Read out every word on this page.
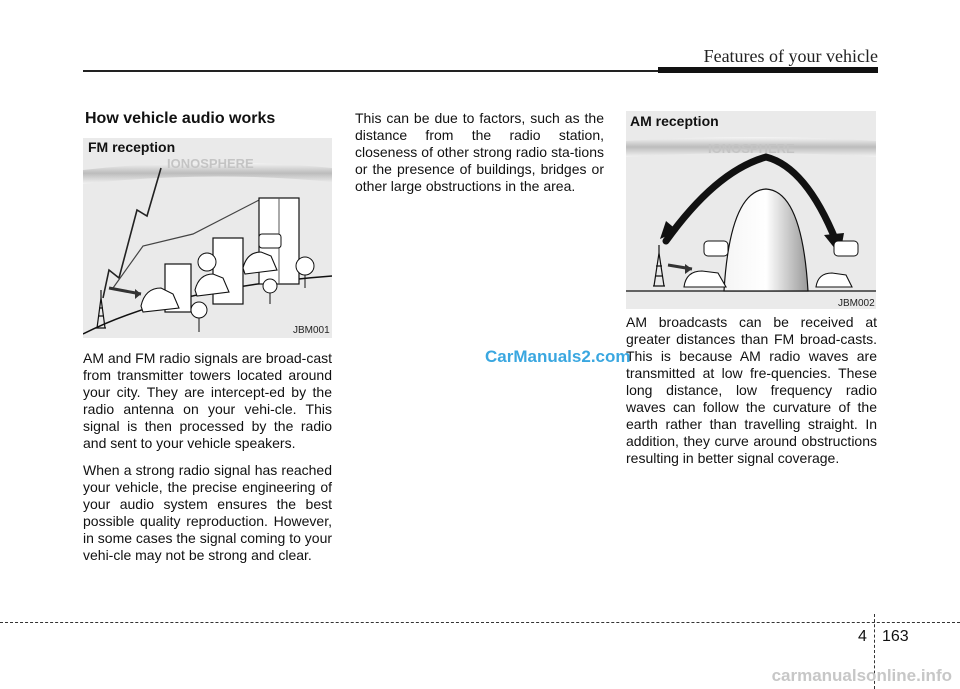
Features of your vehicle
How vehicle audio works
IONOSPHERE
FM reception
JBM001

AM and FM radio signals are broad-cast from transmitter towers located around your city. They are intercept-ed by the radio antenna on your vehi-cle. This signal is then processed by the radio and sent to your vehicle speakers.

When a strong radio signal has reached your vehicle, the precise engineering of your audio system ensures the best possible quality reproduction. However, in some cases the signal coming to your vehi-cle may not be strong and clear.

This can be due to factors, such as the distance from the radio station, closeness of other strong radio sta-tions or the presence of buildings, bridges or other large obstructions in the area.

IONOSPHERE
AM reception
JBM002

AM broadcasts can be received at greater distances than FM broad-casts. This is because AM radio waves are transmitted at low fre-quencies. These long distance, low frequency radio waves can follow the curvature of the earth rather than travelling straight. In addition, they curve around obstructions resulting in better signal coverage.

CarManuals2.com
4 163
carmanualsonline.info
